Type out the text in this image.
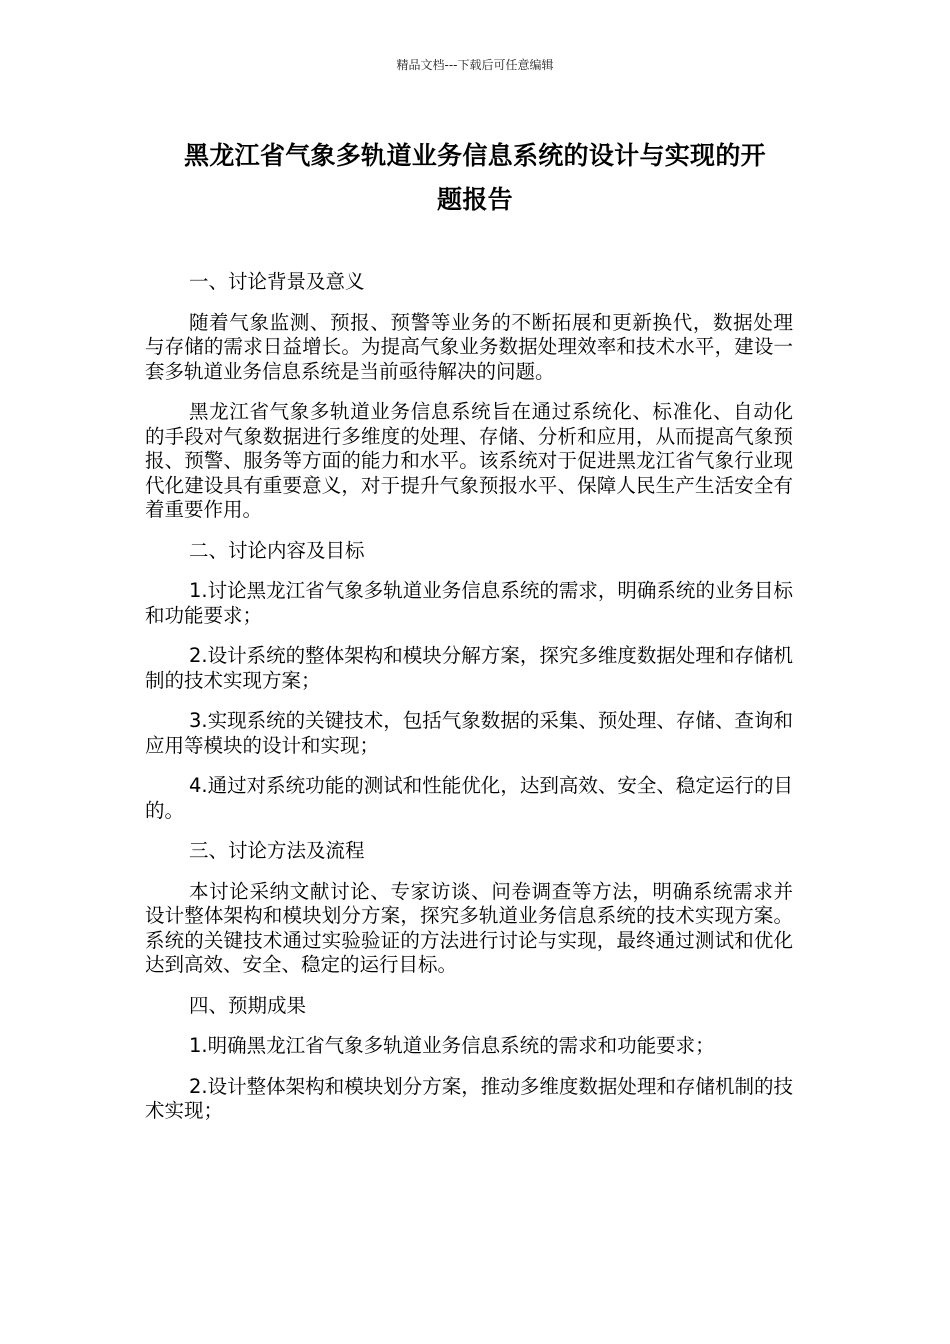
精品文档---下载后可任意编辑
黑龙江省气象多轨道业务信息系统的设计与实现的开
题报告

一、讨论背景及意义

随着气象监测、预报、预警等业务的不断拓展和更新换代，数据处理与存储的需求日益增长。为提高气象业务数据处理效率和技术水平，建设一套多轨道业务信息系统是当前亟待解决的问题。

黑龙江省气象多轨道业务信息系统旨在通过系统化、标准化、自动化的手段对气象数据进行多维度的处理、存储、分析和应用，从而提高气象预报、预警、服务等方面的能力和水平。该系统对于促进黑龙江省气象行业现代化建设具有重要意义，对于提升气象预报水平、保障人民生产生活安全有着重要作用。

二、讨论内容及目标

1.讨论黑龙江省气象多轨道业务信息系统的需求，明确系统的业务目标和功能要求；

2.设计系统的整体架构和模块分解方案，探究多维度数据处理和存储机制的技术实现方案；

3.实现系统的关键技术，包括气象数据的采集、预处理、存储、查询和应用等模块的设计和实现；

4.通过对系统功能的测试和性能优化，达到高效、安全、稳定运行的目的。

三、讨论方法及流程

本讨论采纳文献讨论、专家访谈、问卷调查等方法，明确系统需求并设计整体架构和模块划分方案，探究多轨道业务信息系统的技术实现方案。系统的关键技术通过实验验证的方法进行讨论与实现，最终通过测试和优化达到高效、安全、稳定的运行目标。

四、预期成果

1.明确黑龙江省气象多轨道业务信息系统的需求和功能要求；

2.设计整体架构和模块划分方案，推动多维度数据处理和存储机制的技术实现；
